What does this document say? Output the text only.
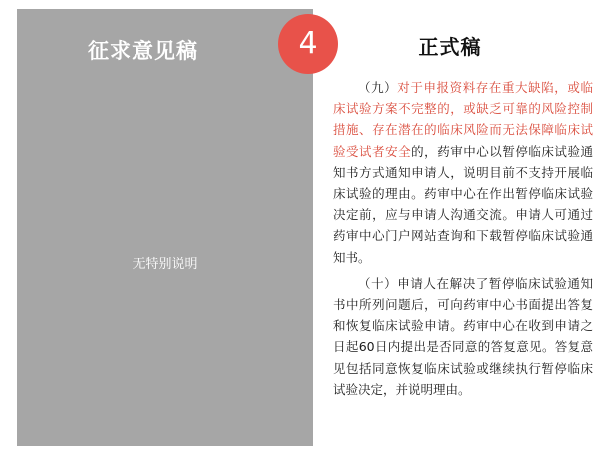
征求意见稿
无特别说明
4	正式稿

（九）对于申报资料存在重大缺陷，或临床试验方案不完整的，或缺乏可靠的风险控制措施、存在潜在的临床风险而无法保障临床试验受试者安全的，药审中心以暂停临床试验通知书方式通知申请人，说明目前不支持开展临床试验的理由。药审中心在作出暂停临床试验决定前，应与申请人沟通交流。申请人可通过药审中心门户网站查询和下载暂停临床试验通知书。

（十）申请人在解决了暂停临床试验通知书中所列问题后，可向药审中心书面提出答复和恢复临床试验申请。药审中心在收到申请之日起60日内提出是否同意的答复意见。答复意见包括同意恢复临床试验或继续执行暂停临床试验决定，并说明理由。
